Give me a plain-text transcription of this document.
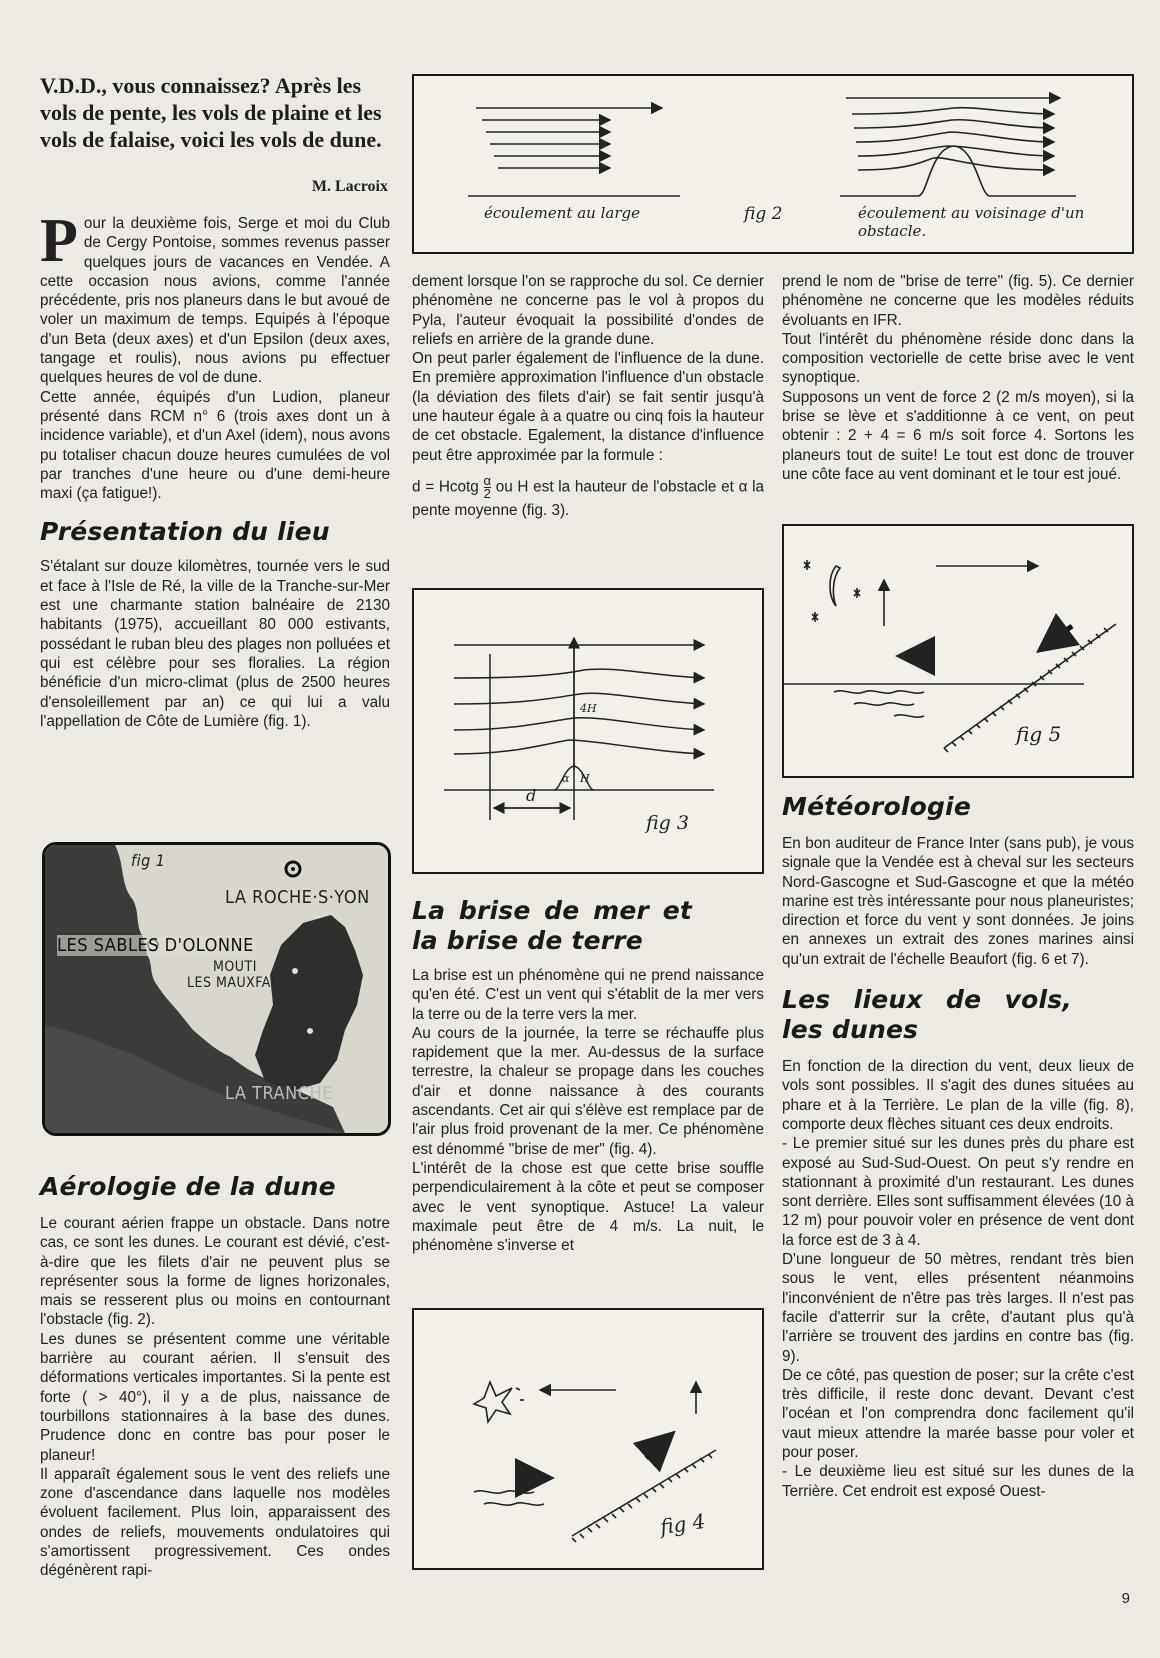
V.D.D., vous connaissez? Après les vols de pente, les vols de plaine et les vols de falaise, voici les vols de dune.
M. Lacroix

Pour la deuxième fois, Serge et moi du Club de Cergy Pontoise, sommes revenus passer quelques jours de vacances en Vendée. A cette occasion nous avions, comme l'année précédente, pris nos planeurs dans le but avoué de voler un maximum de temps. Equipés à l'époque d'un Beta (deux axes) et d'un Epsilon (deux axes, tangage et roulis), nous avions pu effectuer quelques heures de vol de dune.

Cette année, équipés d'un Ludion, planeur présenté dans RCM n° 6 (trois axes dont un à incidence variable), et d'un Axel (idem), nous avons pu totaliser chacun douze heures cumulées de vol par tranches d'une heure ou d'une demi-heure maxi (ça fatigue!).

Présentation du lieu

S'étalant sur douze kilomètres, tournée vers le sud et face à l'Isle de Ré, la ville de la Tranche-sur-Mer est une charmante station balnéaire de 2130 habitants (1975), accueillant 80 000 estivants, possédant le ruban bleu des plages non polluées et qui est célèbre pour ses floralies. La région bénéficie d'un micro-climat (plus de 2500 heures d'ensoleillement par an) ce qui lui a valu l'appellation de Côte de Lumière (fig. 1).

fig 1
LA ROCHE·S·YON
LES SABLES D'OLONNE
MOUTI
LES MAUXFAI
LA TRANCHE
Aérologie de la dune

Le courant aérien frappe un obstacle. Dans notre cas, ce sont les dunes. Le courant est dévié, c'est-à-dire que les filets d'air ne peuvent plus se représenter sous la forme de lignes horizonales, mais se resserent plus ou moins en contournant l'obstacle (fig. 2).

Les dunes se présentent comme une véritable barrière au courant aérien. Il s'ensuit des déformations verticales importantes. Si la pente est forte ( > 40°), il y a de plus, naissance de tourbillons stationnaires à la base des dunes. Prudence donc en contre bas pour poser le planeur!

Il apparaît également sous le vent des reliefs une zone d'ascendance dans laquelle nos modèles évoluent facilement. Plus loin, apparaissent des ondes de reliefs, mouvements ondulatoires qui s'amortissent progressivement. Ces ondes dégénèrent rapi-

écoulement au large	fig 2	écoulement au voisinage d'un obstacle.

dement lorsque l'on se rapproche du sol. Ce dernier phénomène ne concerne pas le vol à propos du Pyla, l'auteur évoquait la possibilité d'ondes de reliefs en arrière de la grande dune.

On peut parler également de l'influence de la dune. En première approximation l'influence d'un obstacle (la déviation des filets d'air) se fait sentir jusqu'à une hauteur égale à a quatre ou cinq fois la hauteur de cet obstacle. Egalement, la distance d'influence peut être approximée par la formule :

d = Hcotg $\frac{\alpha}{2}$ ou H est la hauteur de l'obstacle et α la pente moyenne (fig. 3).

4H
d
α H
fig 3
La brise de mer et la brise de terre

La brise est un phénomène qui ne prend naissance qu'en été. C'est un vent qui s'établit de la mer vers la terre ou de la terre vers la mer.

Au cours de la journée, la terre se réchauffe plus rapidement que la mer. Au-dessus de la surface terrestre, la chaleur se propage dans les couches d'air et donne naissance à des courants ascendants. Cet air qui s'élève est remplace par de l'air plus froid provenant de la mer. Ce phénomène est dénommé "brise de mer" (fig. 4).

L'intérêt de la chose est que cette brise souffle perpendiculairement à la côte et peut se composer avec le vent synoptique. Astuce! La valeur maximale peut être de 4 m/s. La nuit, le phénomène s'inverse et

fig 4

prend le nom de "brise de terre" (fig. 5). Ce dernier phénomène ne concerne que les modèles réduits évoluants en IFR.

Tout l'intérêt du phénomène réside donc dans la composition vectorielle de cette brise avec le vent synoptique.

Supposons un vent de force 2 (2 m/s moyen), si la brise se lève et s'additionne à ce vent, on peut obtenir : 2 + 4 = 6 m/s soit force 4. Sortons les planeurs tout de suite! Le tout est donc de trouver une côte face au vent dominant et le tour est joué.

fig 5
Météorologie

En bon auditeur de France Inter (sans pub), je vous signale que la Vendée est à cheval sur les secteurs Nord-Gascogne et Sud-Gascogne et que la météo marine est très intéressante pour nous planeuristes; direction et force du vent y sont données. Je joins en annexes un extrait des zones marines ainsi qu'un extrait de l'échelle Beaufort (fig. 6 et 7).

Les lieux de vols, les dunes

En fonction de la direction du vent, deux lieux de vols sont possibles. Il s'agit des dunes situées au phare et à la Terrière. Le plan de la ville (fig. 8), comporte deux flèches situant ces deux endroits.

- Le premier situé sur les dunes près du phare est exposé au Sud-Sud-Ouest. On peut s'y rendre en stationnant à proximité d'un restaurant. Les dunes sont derrière. Elles sont suffisamment élevées (10 à 12 m) pour pouvoir voler en présence de vent dont la force est de 3 à 4.

D'une longueur de 50 mètres, rendant très bien sous le vent, elles présentent néanmoins l'inconvénient de n'être pas très larges. Il n'est pas facile d'atterrir sur la crête, d'autant plus qu'à l'arrière se trouvent des jardins en contre bas (fig. 9).

De ce côté, pas question de poser; sur la crête c'est très difficile, il reste donc devant. Devant c'est l'océan et l'on comprendra donc facilement qu'il vaut mieux attendre la marée basse pour voler et pour poser.

- Le deuxième lieu est situé sur les dunes de la Terrière. Cet endroit est exposé Ouest-

9
